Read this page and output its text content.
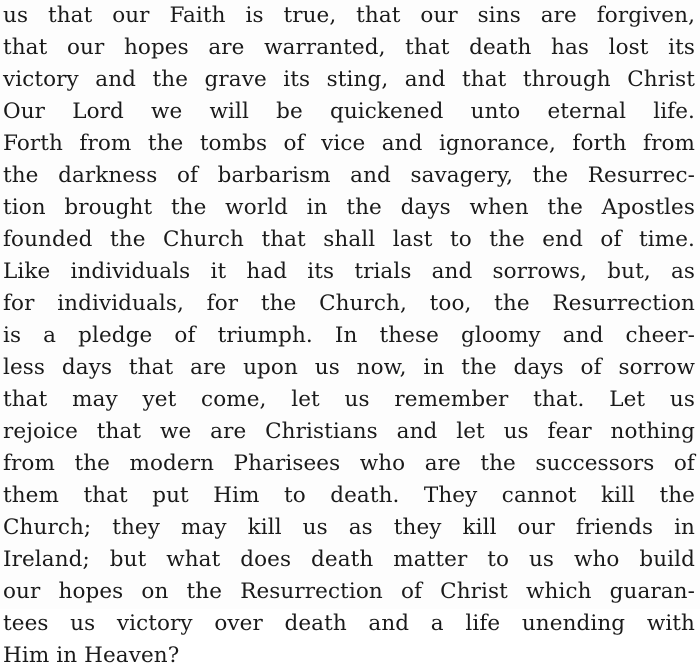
us that our Faith is true, that our sins are forgiven,
that our hopes are warranted, that death has lost its
victory and the grave its sting, and that through Christ
Our Lord we will be quickened unto eternal life.
Forth from the tombs of vice and ignorance, forth from
the darkness of barbarism and savagery, the Resurrec-
tion brought the world in the days when the Apostles
founded the Church that shall last to the end of time.
Like individuals it had its trials and sorrows, but, as
for individuals, for the Church, too, the Resurrection
is a pledge of triumph. In these gloomy and cheer-
less days that are upon us now, in the days of sorrow
that may yet come, let us remember that. Let us
rejoice that we are Christians and let us fear nothing
from the modern Pharisees who are the successors of
them that put Him to death. They cannot kill the
Church; they may kill us as they kill our friends in
Ireland; but what does death matter to us who build
our hopes on the Resurrection of Christ which guaran-
tees us victory over death and a life unending with
Him in Heaven?
